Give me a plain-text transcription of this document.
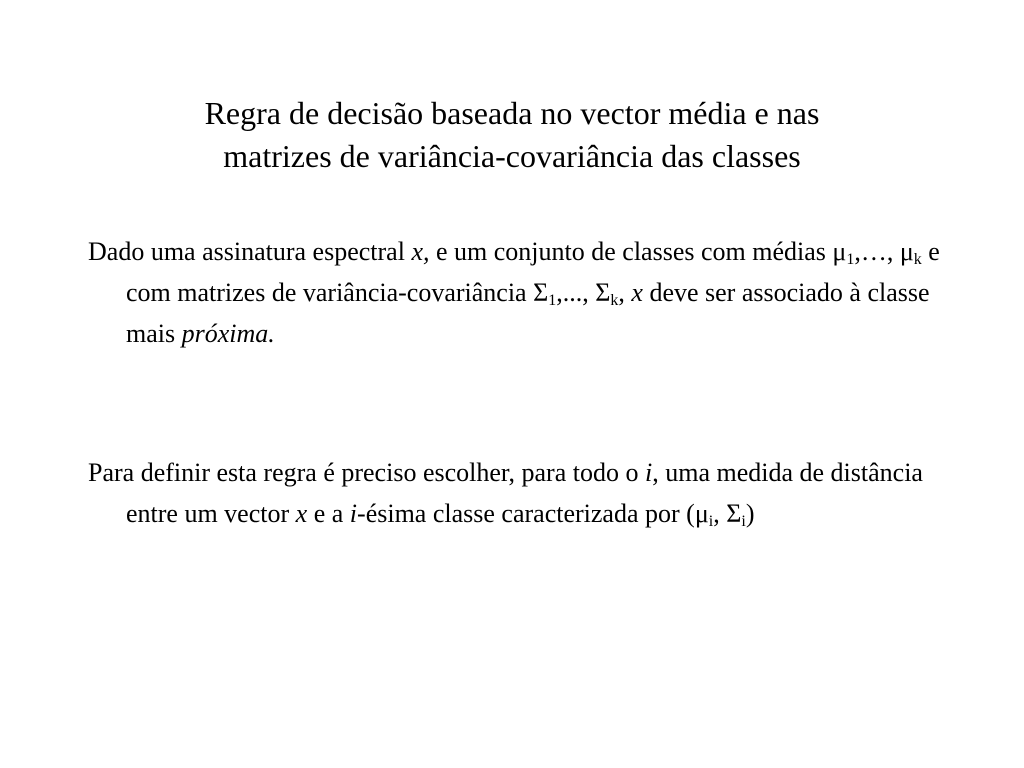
Regra de decisão baseada no vector média e nas
matrizes de variância-covariância das classes
Dado uma assinatura espectral x, e um conjunto de classes com médias $\mu_1,\dots$, $\mu_k$ e com matrizes de variância-covariância $\Sigma_1$,..., $\Sigma_k$, x deve ser associado à classe mais próxima.
Para definir esta regra é preciso escolher, para todo o i, uma medida de distância entre um vector x e a i-ésima classe caracterizada por ($\mu_i$, $\Sigma_i$)
